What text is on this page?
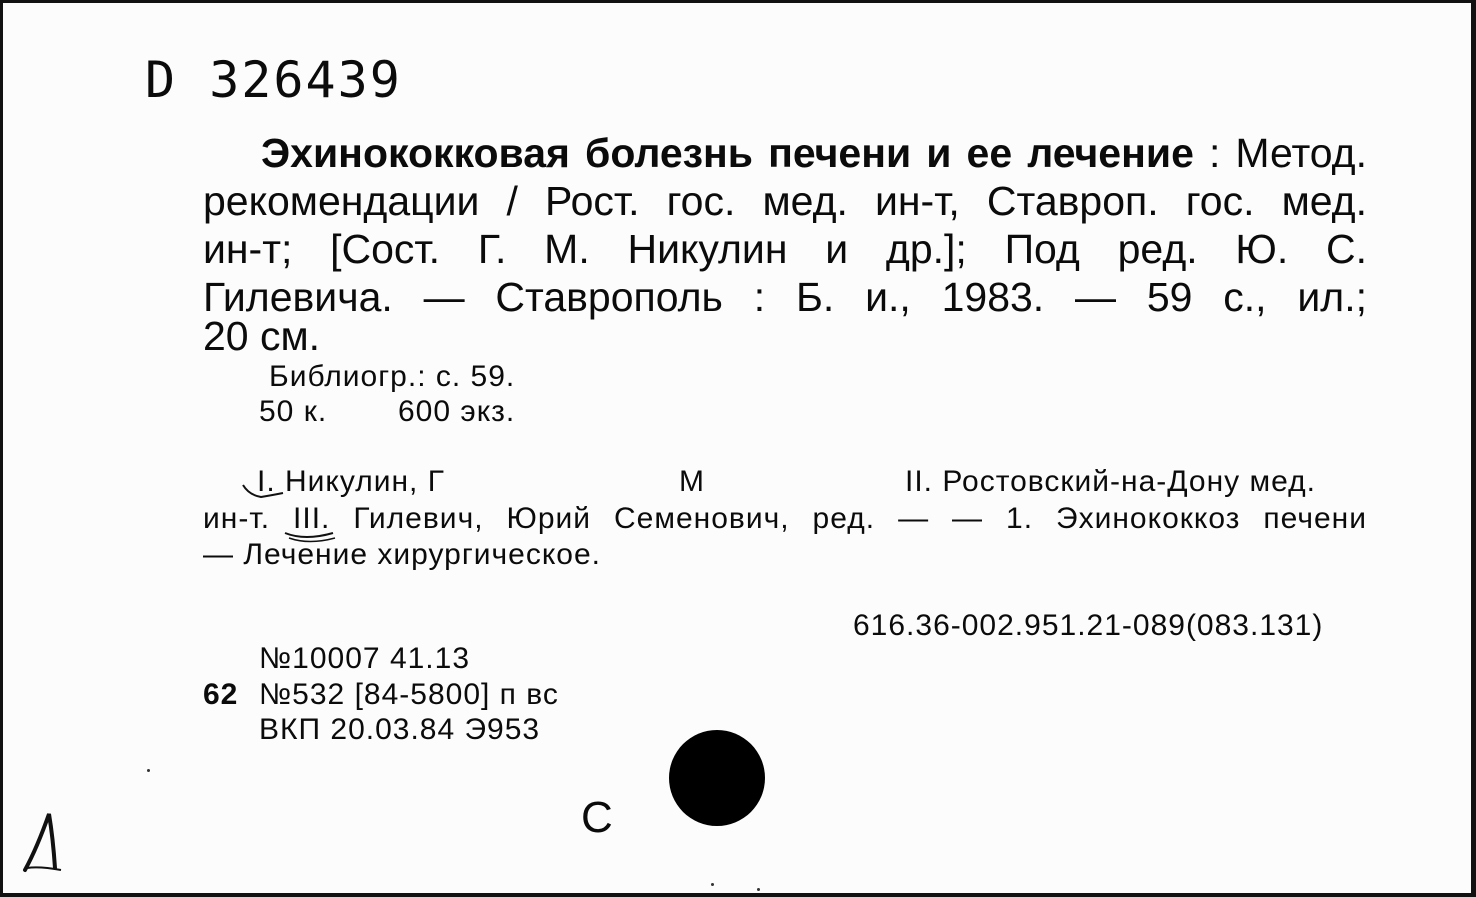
D 326439
Эхинококковая болезнь печени и ее лечение : Метод.
рекомендации / Рост. гос. мед. ин-т, Ставроп. гос. мед.
ин-т; [Сост. Г. М. Никулин и др.]; Под ред. Ю. С.
Гилевича. — Ставрополь : Б. и., 1983. — 59 с., ил.;
20 см.
Библиогр.: с. 59.
50 к. 600 экз.
I. Никулин, Г	М	II. Ростовский-на-Дону мед.
ин-т. III. Гилевич, Юрий Семенович, ред. — — 1. Эхинококкоз печени
— Лечение хирургическое.
616.36-002.951.21-089(083.131)
№10007 41.13
62 №532 [84-5800] п вс
ВКП 20.03.84 Э953
С
